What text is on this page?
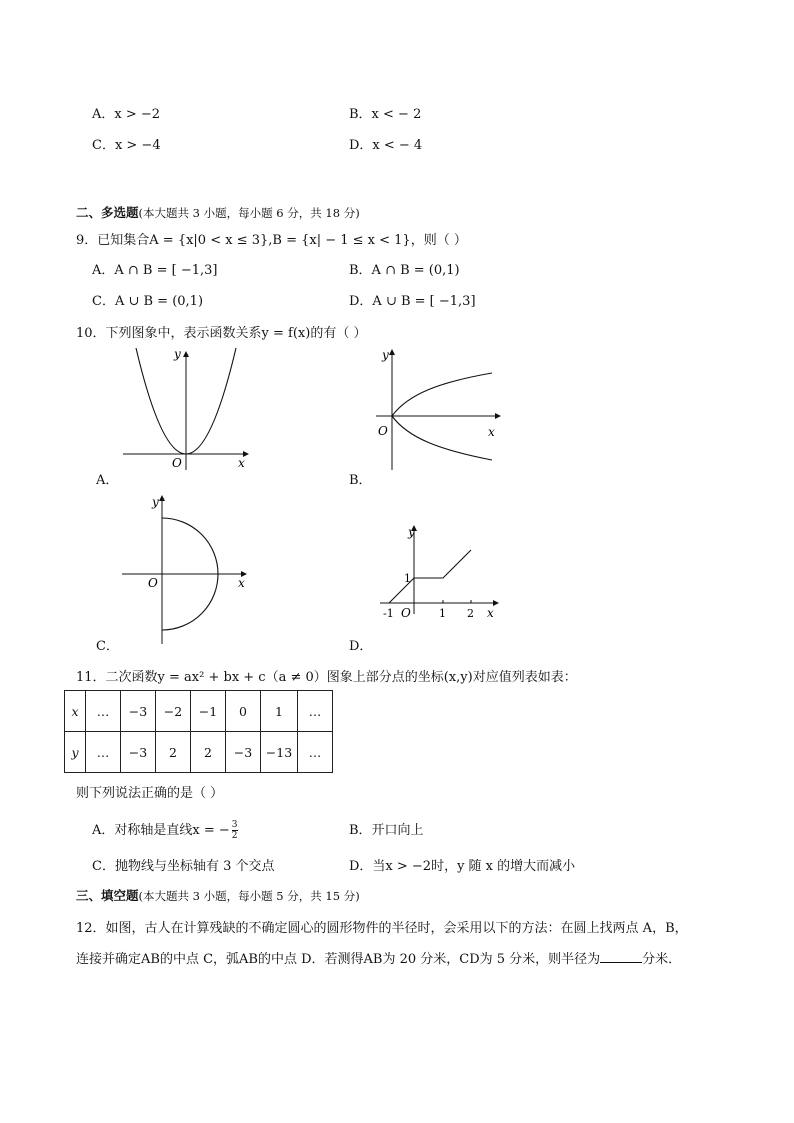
A．x > −2	B．x < − 2
C．x > −4	D．x < − 4
二、多选题(本大题共 3 小题，每小题 6 分，共 18 分)
9．已知集合A = {x|0 < x ≤ 3},B = {x| − 1 ≤ x < 1}，则（ ）
A．A ∩ B = [ −1,3]	B．A ∩ B = (0,1)
C．A ∪ B = (0,1)	D．A ∪ B = [ −1,3]
10．下列图象中，表示函数关系y = f(x)的有（ ）
x
y
O
A．
x
y
O
B．
x
y
O
C．
-1	1 2
1
x
y
O
D．
11．二次函数y = ax² + bx + c（a ≠ 0）图象上部分点的坐标(x,y)对应值列表如表：
x	…	−3	−2	−1	0	1	…
y	…	−3	2	2	−3	−13	…
则下列说法正确的是（ ）
A．对称轴是直线x = − $\frac{3}{2}$	B．开口向上
C．抛物线与坐标轴有 3 个交点	D．当x > −2时，y 随 x 的增大而减小
三、填空题(本大题共 3 小题，每小题 5 分，共 15 分)
12．如图，古人在计算残缺的不确定圆心的圆形物件的半径时，会采用以下的方法：在圆上找两点 A，B，
连接并确定AB的中点 C，弧AB的中点 D．若测得AB为 20 分米，CD为 5 分米，则半径为	分米．
